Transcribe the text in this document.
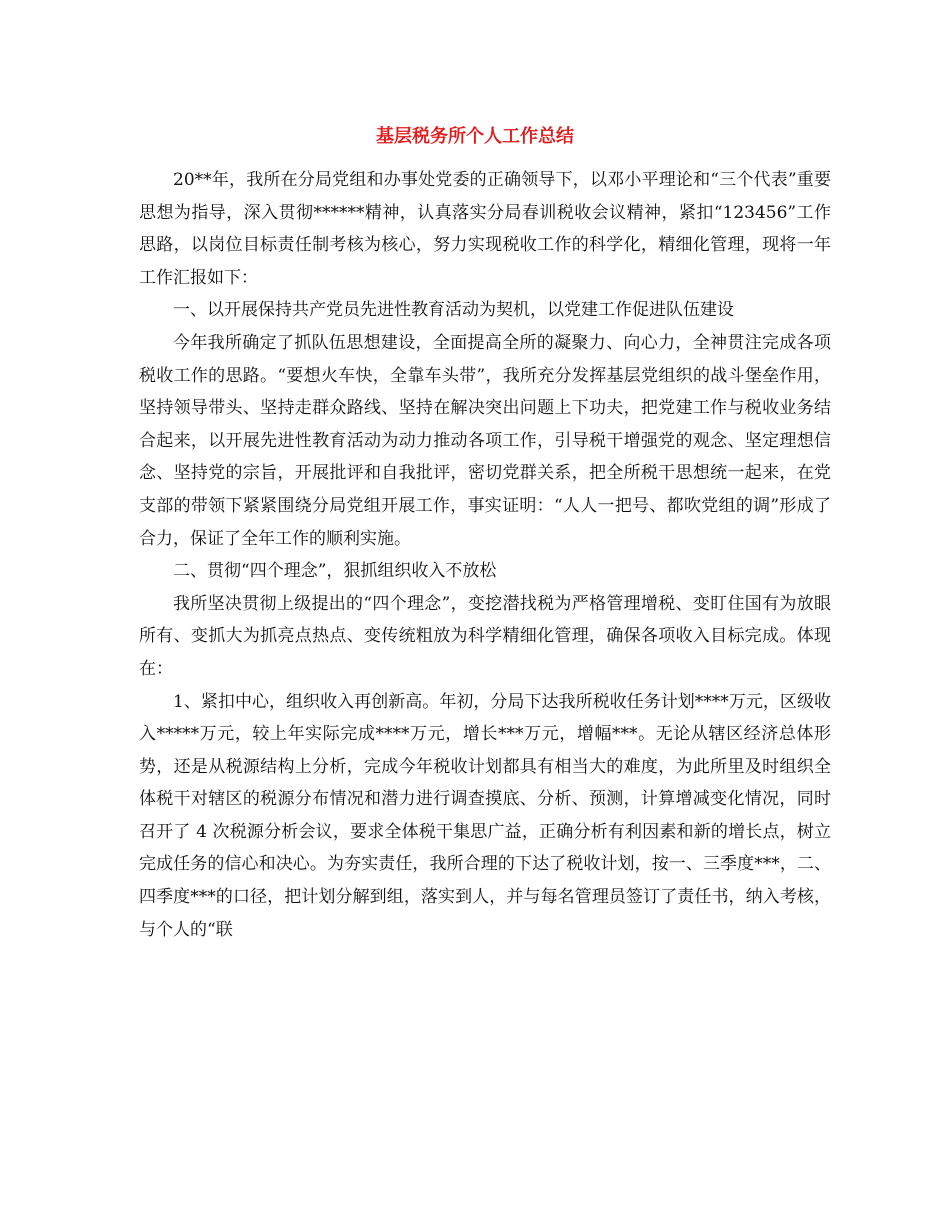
基层税务所个人工作总结

20**年，我所在分局党组和办事处党委的正确领导下，以邓小平理论和“三个代表”重要思想为指导，深入贯彻******精神，认真落实分局春训税收会议精神，紧扣“123456”工作思路，以岗位目标责任制考核为核心，努力实现税收工作的科学化，精细化管理，现将一年工作汇报如下：

一、以开展保持共产党员先进性教育活动为契机，以党建工作促进队伍建设

今年我所确定了抓队伍思想建设，全面提高全所的凝聚力、向心力，全神贯注完成各项税收工作的思路。“要想火车快，全靠车头带”，我所充分发挥基层党组织的战斗堡垒作用，坚持领导带头、坚持走群众路线、坚持在解决突出问题上下功夫，把党建工作与税收业务结合起来，以开展先进性教育活动为动力推动各项工作，引导税干增强党的观念、坚定理想信念、坚持党的宗旨，开展批评和自我批评，密切党群关系，把全所税干思想统一起来，在党支部的带领下紧紧围绕分局党组开展工作，事实证明：“人人一把号、都吹党组的调”形成了合力，保证了全年工作的顺利实施。

二、贯彻“四个理念”，狠抓组织收入不放松

我所坚决贯彻上级提出的“四个理念”，变挖潜找税为严格管理增税、变盯住国有为放眼所有、变抓大为抓亮点热点、变传统粗放为科学精细化管理，确保各项收入目标完成。体现在：

1、紧扣中心，组织收入再创新高。年初，分局下达我所税收任务计划****万元，区级收入*****万元，较上年实际完成****万元，增长***万元，增幅***。无论从辖区经济总体形势，还是从税源结构上分析，完成今年税收计划都具有相当大的难度，为此所里及时组织全体税干对辖区的税源分布情况和潜力进行调查摸底、分析、预测，计算增减变化情况，同时召开了 4 次税源分析会议，要求全体税干集思广益，正确分析有利因素和新的增长点，树立完成任务的信心和决心。为夯实责任，我所合理的下达了税收计划，按一、三季度***，二、四季度***的口径，把计划分解到组，落实到人，并与每名管理员签订了责任书，纳入考核，与个人的“联
